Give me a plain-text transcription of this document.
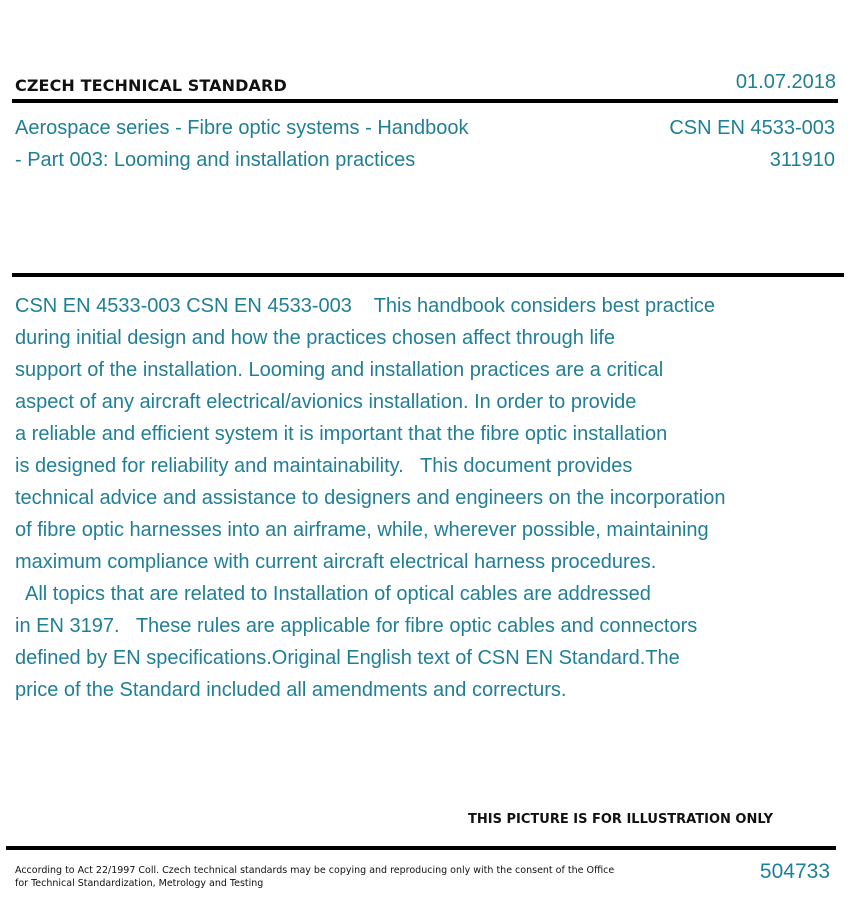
CZECH TECHNICAL STANDARD	01.07.2018
Aerospace series - Fibre optic systems - Handbook
- Part 003: Looming and installation practices
CSN EN 4533-003
311910
CSN EN 4533-003 CSN EN 4533-003    This handbook considers best practice
during initial design and how the practices chosen affect through life
support of the installation. Looming and installation practices are a critical
aspect of any aircraft electrical/avionics installation. In order to provide
a reliable and efficient system it is important that the fibre optic installation
is designed for reliability and maintainability.   This document provides
technical advice and assistance to designers and engineers on the incorporation
of fibre optic harnesses into an airframe, while, wherever possible, maintaining
maximum compliance with current aircraft electrical harness procedures.
All topics that are related to Installation of optical cables are addressed
in EN 3197.   These rules are applicable for fibre optic cables and connectors
defined by EN specifications.Original English text of CSN EN Standard.The
price of the Standard included all amendments and correcturs.
THIS PICTURE IS FOR ILLUSTRATION ONLY
According to Act 22/1997 Coll. Czech technical standards may be copying and reproducing only with the consent of the Office
for Technical Standardization, Metrology and Testing
504733
